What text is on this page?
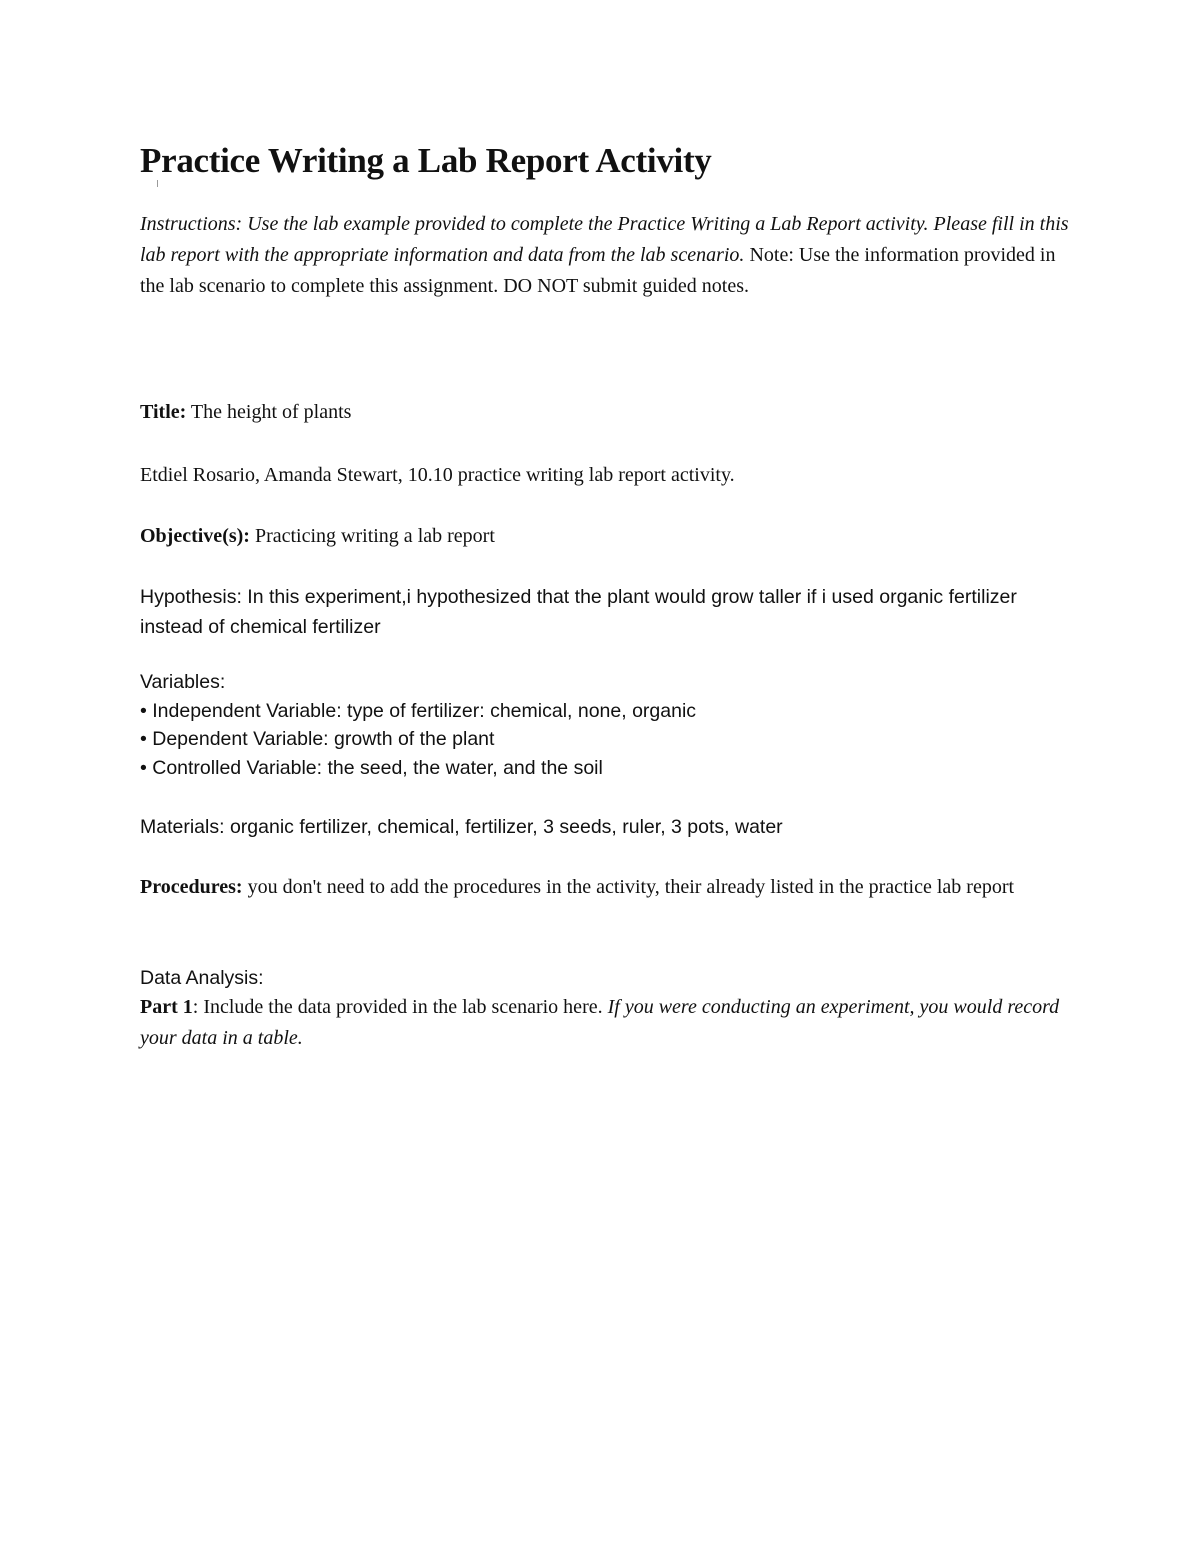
Practice Writing a Lab Report Activity

Instructions: Use the lab example provided to complete the Practice Writing a Lab Report activity. Please fill in this lab report with the appropriate information and data from the lab scenario. Note: Use the information provided in the lab scenario to complete this assignment. DO NOT submit guided notes.

Title: The height of plants

Etdiel Rosario, Amanda Stewart, 10.10 practice writing lab report activity.

Objective(s): Practicing writing a lab report

Hypothesis: In this experiment,i hypothesized that the plant would grow taller if i used organic fertilizer instead of chemical fertilizer

Variables:
• Independent Variable: type of fertilizer: chemical, none, organic
• Dependent Variable: growth of the plant
• Controlled Variable: the seed, the water, and the soil

Materials: organic fertilizer, chemical, fertilizer, 3 seeds, ruler, 3 pots, water

Procedures: you don't need to add the procedures in the activity, their already listed in the practice lab report

Data Analysis:

Part 1: Include the data provided in the lab scenario here. If you were conducting an experiment, you would record your data in a table.
